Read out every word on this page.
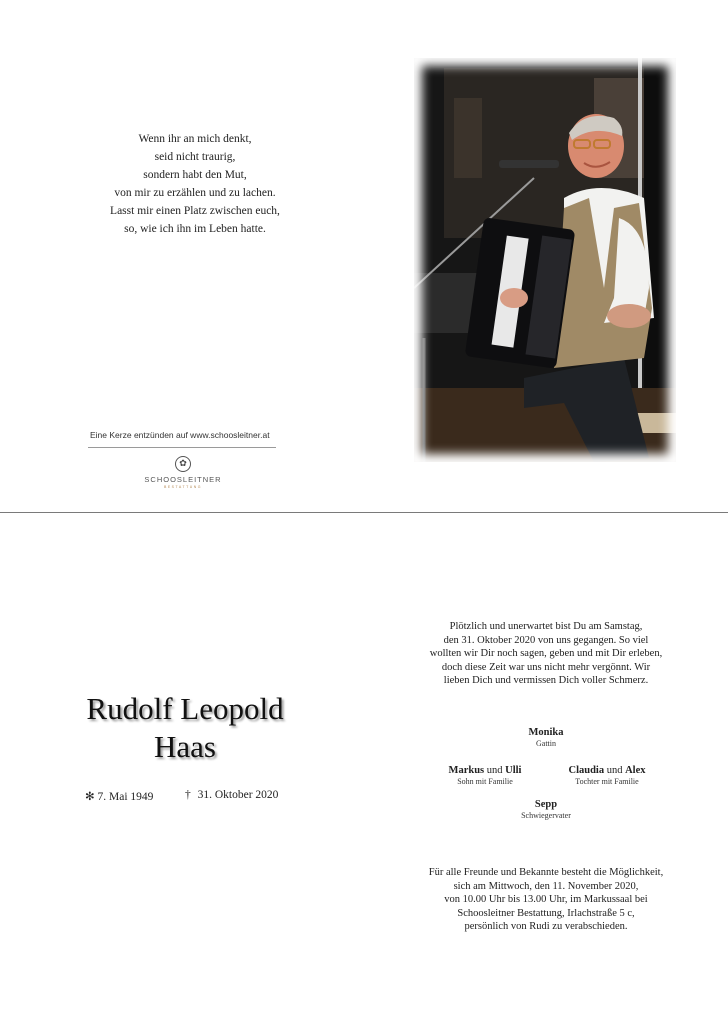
Wenn ihr an mich denkt,
seid nicht traurig,
sondern habt den Mut,
von mir zu erzählen und zu lachen.
Lasst mir einen Platz zwischen euch,
so, wie ich ihn im Leben hatte.
Eine Kerze entzünden auf www.schoosleitner.at
✿
SCHOOSLEITNER
BESTATTUNG
Rudolf Leopold
Haas
✻ 7. Mai 1949	† 31. Oktober 2020
Plötzlich und unerwartet bist Du am Samstag,
den 31. Oktober 2020 von uns gegangen. So viel
wollten wir Dir noch sagen, geben und mit Dir erleben,
doch diese Zeit war uns nicht mehr vergönnt. Wir
lieben Dich und vermissen Dich voller Schmerz.
Monika
Gattin
Markus und Ulli
Sohn mit Familie
Claudia und Alex
Tochter mit Familie
Sepp
Schwiegervater
Für alle Freunde und Bekannte besteht die Möglichkeit,
sich am Mittwoch, den 11. November 2020,
von 10.00 Uhr bis 13.00 Uhr, im Markussaal bei
Schoosleitner Bestattung, Irlachstraße 5 c,
persönlich von Rudi zu verabschieden.
